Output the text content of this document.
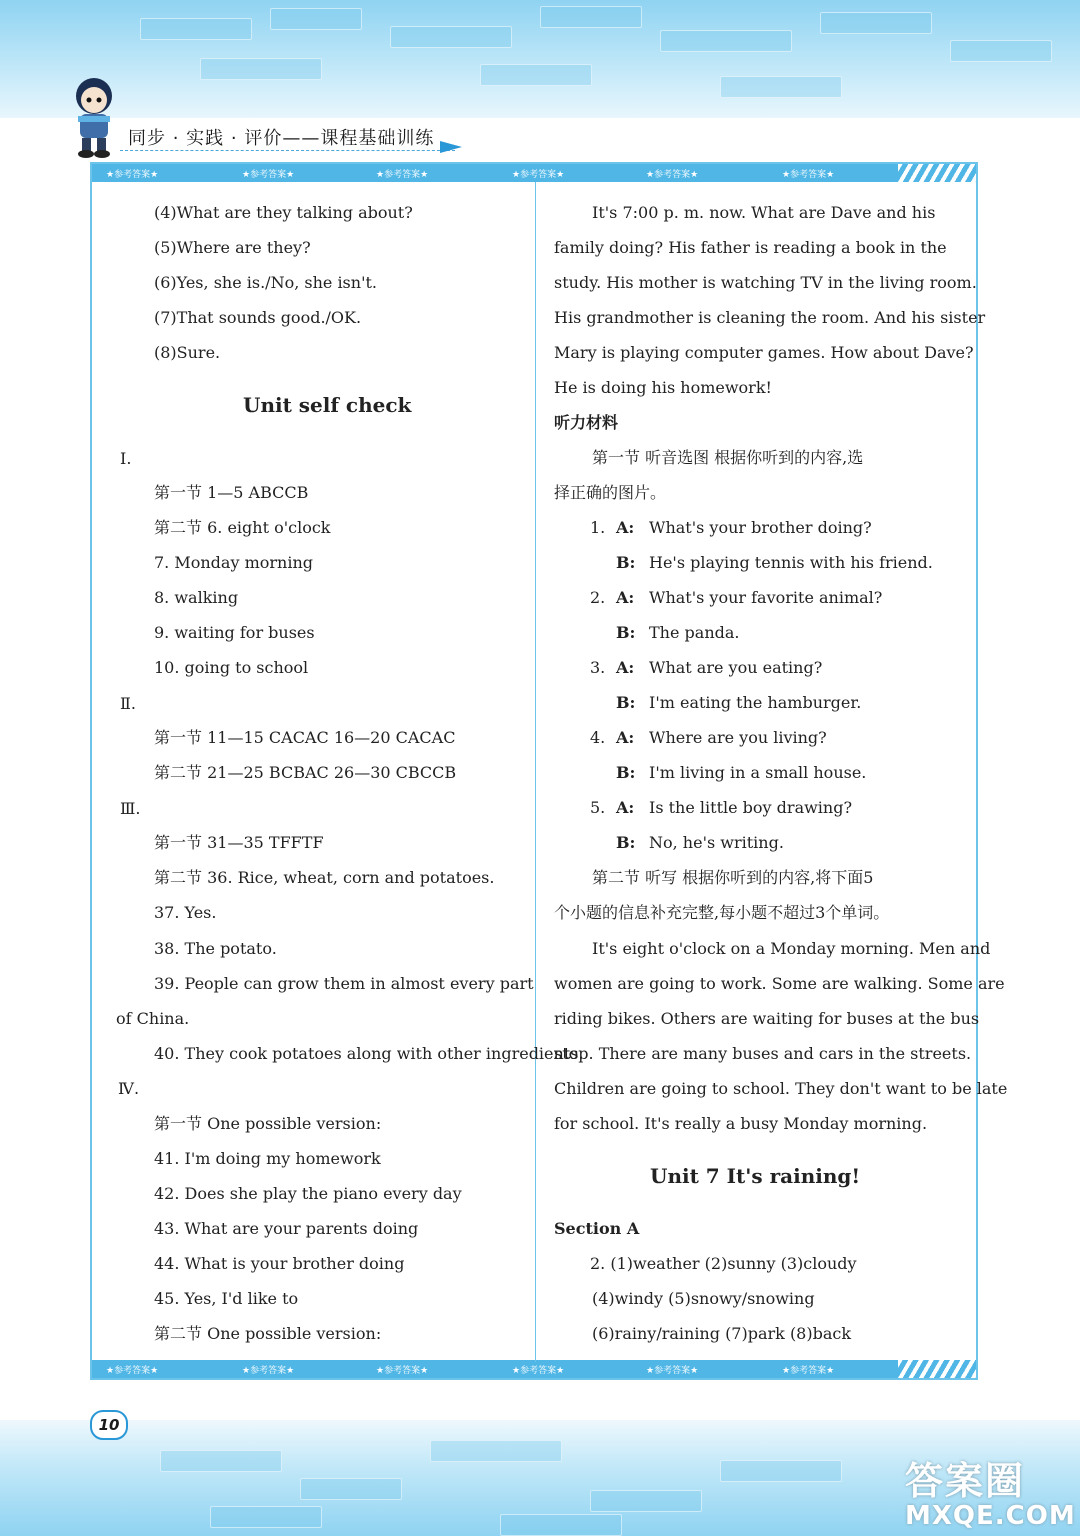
同步 · 实践 · 评价——课程基础训练
★参考答案★	★参考答案★	★参考答案★	★参考答案★	★参考答案★	★参考答案★
★参考答案★	★参考答案★	★参考答案★	★参考答案★	★参考答案★	★参考答案★
(4)What are they talking about?
(5)Where are they?
(6)Yes, she is./No, she isn't.
(7)That sounds good./OK.
(8)Sure.
Unit self check
Ⅰ.
第一节 1—5 ABCCB
第二节 6. eight o'clock
7. Monday morning
8. walking
9. waiting for buses
10. going to school
Ⅱ.
第一节 11—15 CACAC 16—20 CACAC
第二节 21—25 BCBAC 26—30 CBCCB
Ⅲ.
第一节 31—35 TFFTF
第二节 36. Rice, wheat, corn and potatoes.
37. Yes.
38. The potato.
39. People can grow them in almost every part
of China.
40. They cook potatoes along with other ingredients.
Ⅳ.
第一节 One possible version:
41. I'm doing my homework
42. Does she play the piano every day
43. What are your parents doing
44. What is your brother doing
45. Yes, I'd like to
第二节 One possible version:
It's 7:00 p. m. now. What are Dave and his
family doing? His father is reading a book in the
study. His mother is watching TV in the living room.
His grandmother is cleaning the room. And his sister
Mary is playing computer games. How about Dave?
He is doing his homework!
听力材料
第一节 听音选图 根据你听到的内容,选
择正确的图片。
1. A: What's your brother doing?
B: He's playing tennis with his friend.
2. A: What's your favorite animal?
B: The panda.
3. A: What are you eating?
B: I'm eating the hamburger.
4. A: Where are you living?
B: I'm living in a small house.
5. A: Is the little boy drawing?
B: No, he's writing.
第二节 听写 根据你听到的内容,将下面5
个小题的信息补充完整,每小题不超过3个单词。
It's eight o'clock on a Monday morning. Men and
women are going to work. Some are walking. Some are
riding bikes. Others are waiting for buses at the bus
stop. There are many buses and cars in the streets.
Children are going to school. They don't want to be late
for school. It's really a busy Monday morning.
Unit 7 It's raining!
Section A
2. (1)weather (2)sunny (3)cloudy
(4)windy (5)snowy/snowing
(6)rainy/raining (7)park (8)back
10
答案圈
MXQE.COM
